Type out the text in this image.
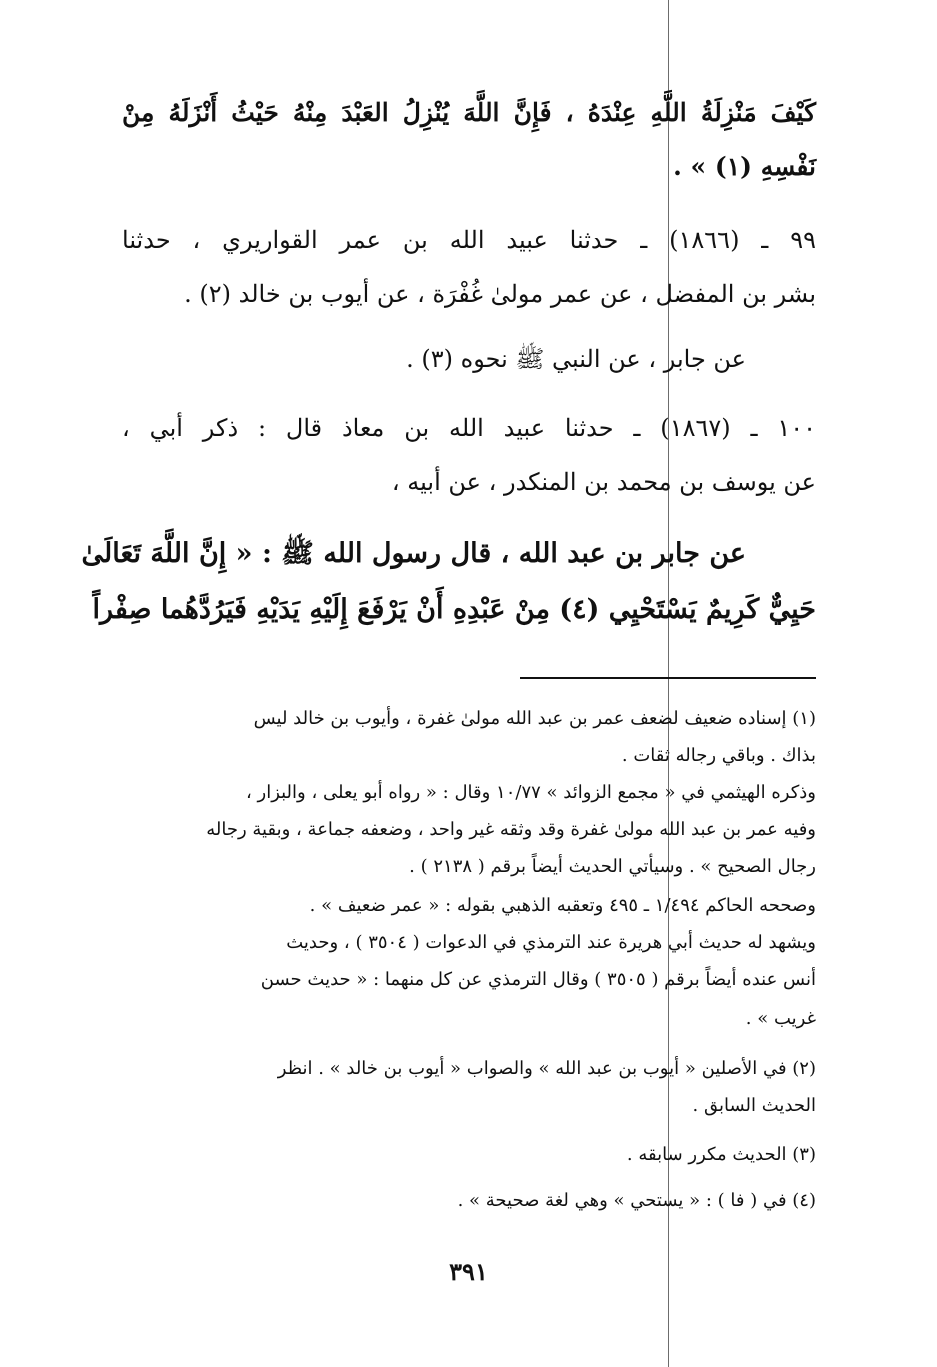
كَيْفَ مَنْزِلَةُ اللَّهِ عِنْدَهُ ، فَإِنَّ اللَّهَ يُنْزِلُ العَبْدَ مِنْهُ حَيْثُ أَنْزَلَهُ مِنْ
نَفْسِهِ (١) » .
٩٩ ـ (١٨٦٦) ـ حدثنا عبيد الله بن عمر القواريري ، حدثنا
بشر بن المفضل ، عن عمر مولىٰ غُفْرَة ، عن أيوب بن خالد (٢) .
عن جابر ، عن النبي ﷺ نحوه (٣) .
١٠٠ ـ (١٨٦٧) ـ حدثنا عبيد الله بن معاذ قال : ذكر أبي ،
عن يوسف بن محمد بن المنكدر ، عن أبيه ،
عن جابر بن عبد الله ، قال رسول الله ﷺ : « إِنَّ اللَّهَ تَعَالَىٰ
حَيِيٌّ كَرِيمٌ يَسْتَحْيِي (٤) مِنْ عَبْدِهِ أَنْ يَرْفَعَ إِلَيْهِ يَدَيْهِ فَيَرُدَّهُما صِفْراً
(١) إسناده ضعيف لضعف عمر بن عبد الله مولىٰ غفرة ، وأيوب بن خالد ليس
بذاك . وباقي رجاله ثقات .
وذكره الهيثمي في « مجمع الزوائد » ١٠/٧٧ وقال : « رواه أبو يعلى ، والبزار ،
وفيه عمر بن عبد الله مولىٰ غفرة وقد وثقه غير واحد ، وضعفه جماعة ، وبقية رجاله
رجال الصحيح » . وسيأتي الحديث أيضاً برقم ( ٢١٣٨ ) .
وصححه الحاكم ١/٤٩٤ ـ ٤٩٥ وتعقبه الذهبي بقوله : « عمر ضعيف » .
ويشهد له حديث أبي هريرة عند الترمذي في الدعوات ( ٣٥٠٤ ) ، وحديث
أنس عنده أيضاً برقم ( ٣٥٠٥ ) وقال الترمذي عن كل منهما : « حديث حسن
غريب » .
(٢) في الأصلين « أيوب بن عبد الله » والصواب « أيوب بن خالد » . انظر
الحديث السابق .
(٣) الحديث مكرر سابقه .
(٤) في ( فا ) : « يستحي » وهي لغة صحيحة » .
٣٩١
